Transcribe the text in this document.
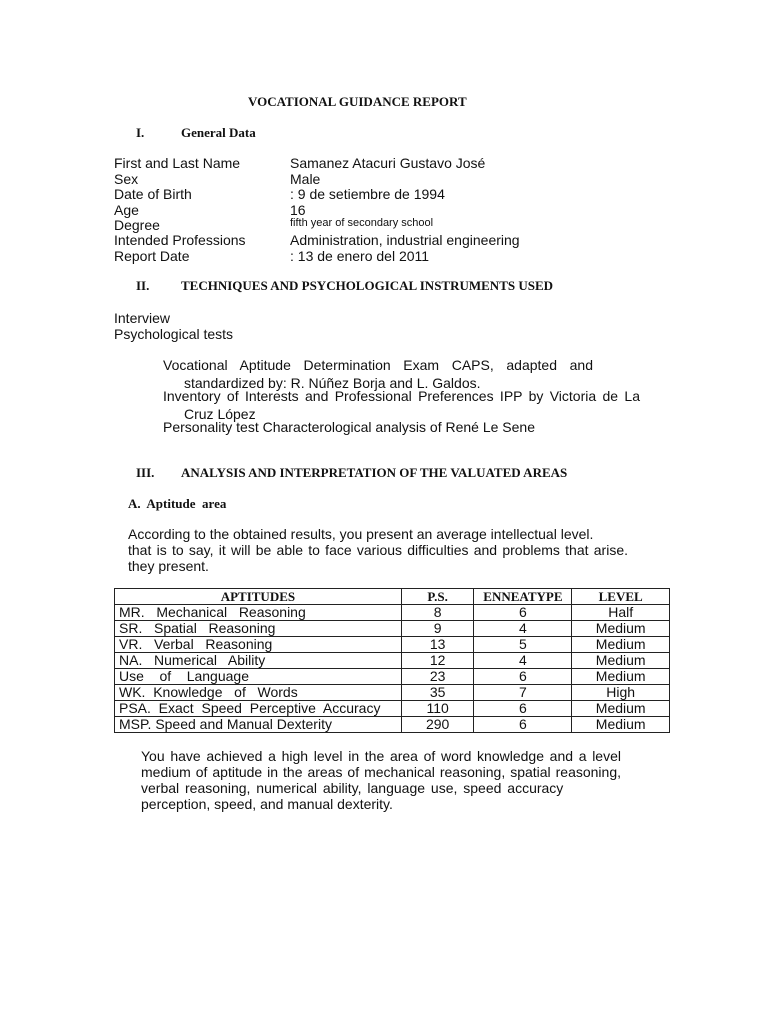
VOCATIONAL GUIDANCE REPORT
I.	General Data
First and Last Name	Samanez Atacuri Gustavo José
Sex	Male
Date of Birth	: 9 de setiembre de 1994
Age	16
Degree	fifth year of secondary school
Intended Professions	Administration, industrial engineering
Report Date	: 13 de enero del 2011
II. TECHNIQUES AND PSYCHOLOGICAL INSTRUMENTS USED
Interview
Psychological tests
Vocational Aptitude Determination Exam CAPS, adapted and
standardized by: R. Núñez Borja and L. Galdos.
Inventory of Interests and Professional Preferences IPP by Victoria de La
Cruz López
Personality test Characterological analysis of René Le Sene
III. ANALYSIS AND INTERPRETATION OF THE VALUATED AREAS
A.  Aptitude  area
According to the obtained results, you present an average intellectual level.
that is to say, it will be able to face various difficulties and problems that arise.
they present.
APTITUDES	P.S.	ENNEATYPE	LEVEL
MR.   Mechanical   Reasoning	8	6	Half
SR.   Spatial   Reasoning	9	4	Medium
VR.   Verbal   Reasoning	13	5	Medium
NA.   Numerical   Ability	12	4	Medium
Use    of    Language	23	6	Medium
WK.  Knowledge   of   Words	35	7	High
PSA.  Exact  Speed  Perceptive  Accuracy	110	6	Medium
MSP. Speed and Manual Dexterity	290	6	Medium
You have achieved a high level in the area of word knowledge and a level
medium of aptitude in the areas of mechanical reasoning, spatial reasoning,
verbal reasoning, numerical ability, language use, speed accuracy
perception, speed, and manual dexterity.
